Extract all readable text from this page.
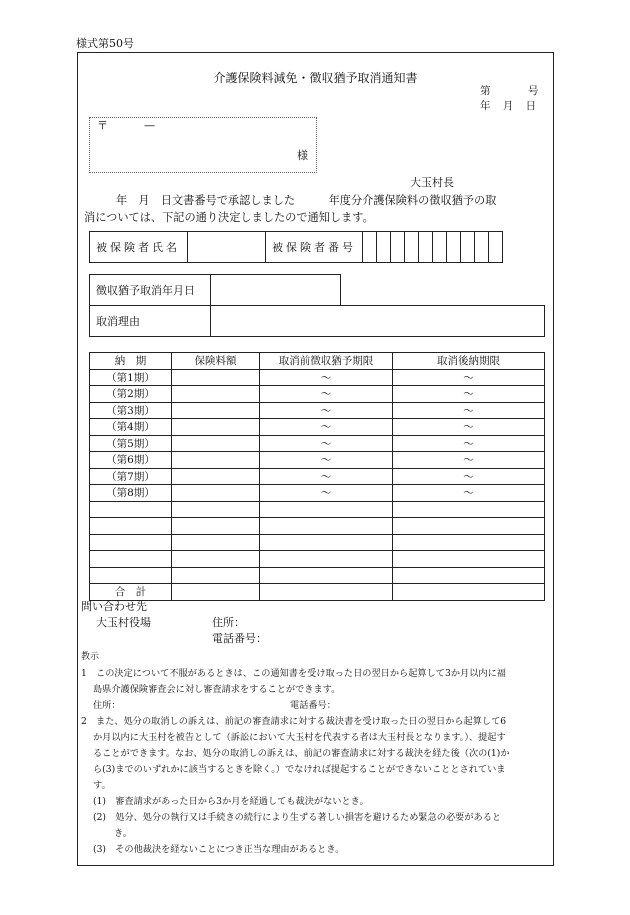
様式第50号
介護保険料減免・徴収猶予取消通知書
第	号
年 月 日
〒	—
様
大玉村長
年　月　日文書番号で承認しました　　　年度分介護保険料の徴収猶予の取
消については、下記の通り決定しましたので通知します。
被保険者氏名		被保険者番号										
徴収猶予取消年月日		
取消理由		
納　期	保険料額	取消前徴収猶予期限	取消後納期限
（第1期）		～	～
（第2期）		～	～
（第3期）		～	～
（第4期）		～	～
（第5期）		～	～
（第6期）		～	～
（第7期）		～	～
（第8期）		～	～

合　計			
問い合わせ先
大玉村役場	住所：
電話番号：
教示
1　この決定について不服があるときは、この通知書を受け取った日の翌日から起算して3か月以内に福
島県介護保険審査会に対し審査請求をすることができます。
住所：	電話番号：
2　また、処分の取消しの訴えは、前記の審査請求に対する裁決書を受け取った日の翌日から起算して6
か月以内に大玉村を被告として（訴訟において大玉村を代表する者は大玉村長となります。）、提起す
ることができます。なお、処分の取消しの訴えは、前記の審査請求に対する裁決を経た後（次の(1)か
ら(3)までのいずれかに該当するときを除く。）でなければ提起することができないこととされていま
す。
(1)　審査請求があった日から3か月を経過しても裁決がないとき。
(2)　処分、処分の執行又は手続きの続行により生ずる著しい損害を避けるため緊急の必要があると
き。
(3)　その他裁決を経ないことにつき正当な理由があるとき。
